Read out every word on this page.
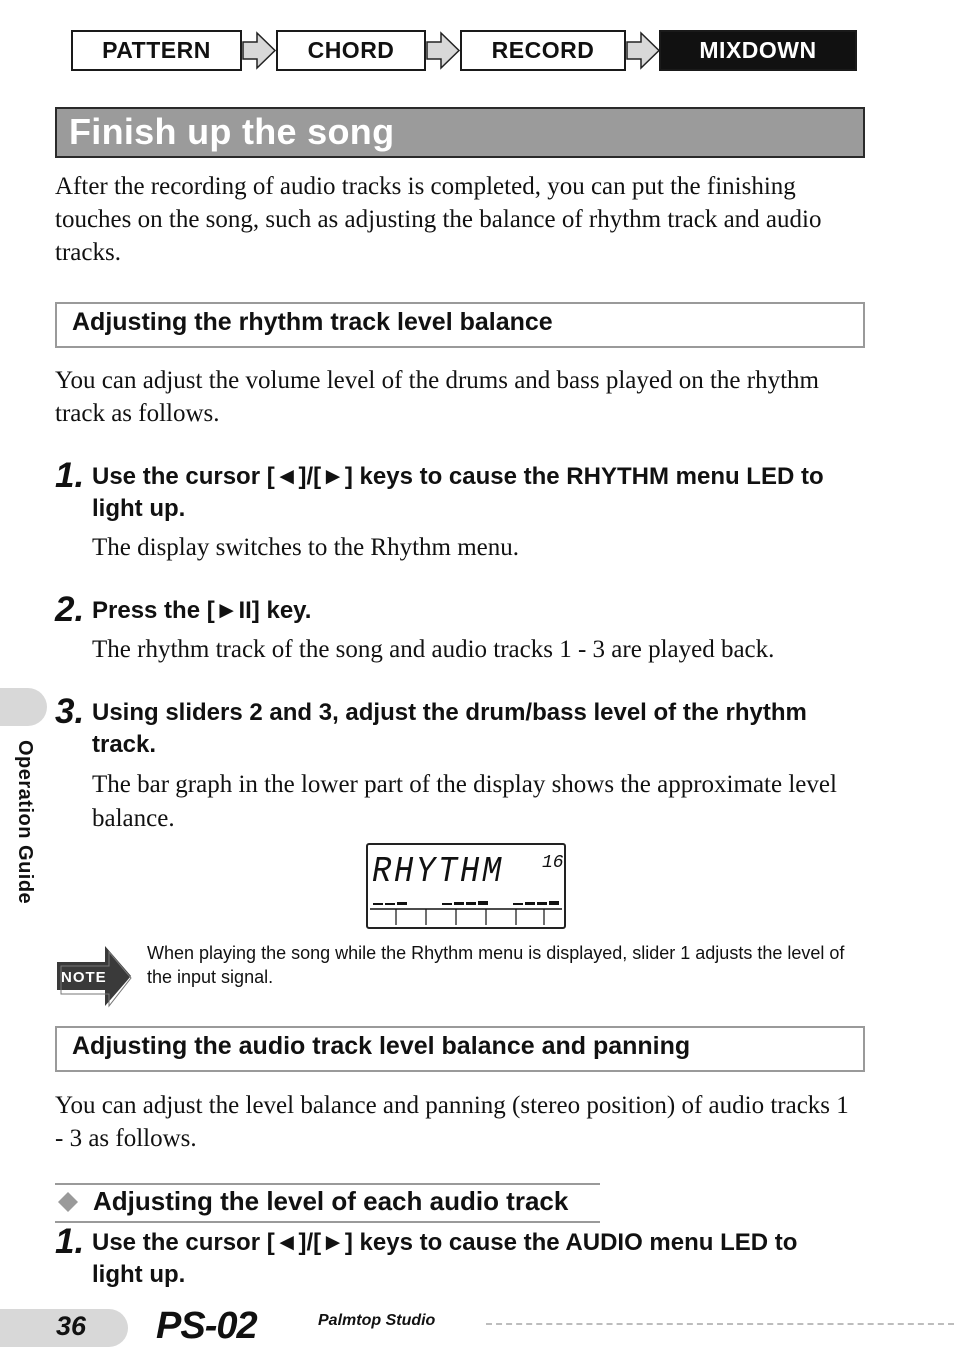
PATTERN	CHORD	RECORD	MIXDOWN
Finish up the song
After the recording of audio tracks is completed, you can put the finishing touches on the song, such as adjusting the balance of rhythm track and audio tracks.
Adjusting the rhythm track level balance
You can adjust the volume level of the drums and bass played on the rhythm track as follows.
1. Use the cursor [◄]/[►] keys to cause the RHYTHM menu LED to light up.
The display switches to the Rhythm menu.
2. Press the [►II] key.
The rhythm track of the song and audio tracks 1 - 3 are played back.
3. Using sliders 2 and 3, adjust the drum/bass level of the rhythm track.
The bar graph in the lower part of the display shows the approximate level balance.
RHYTHM 16
NOTE
When playing the song while the Rhythm menu is displayed, slider 1 adjusts the level of the input signal.
Operation Guide
Adjusting the audio track level balance and panning
You can adjust the level balance and panning (stereo position) of audio tracks 1 - 3 as follows.
Adjusting the level of each audio track
1. Use the cursor [◄]/[►] keys to cause the AUDIO menu LED to light up.
36 PS-02	Palmtop Studio
